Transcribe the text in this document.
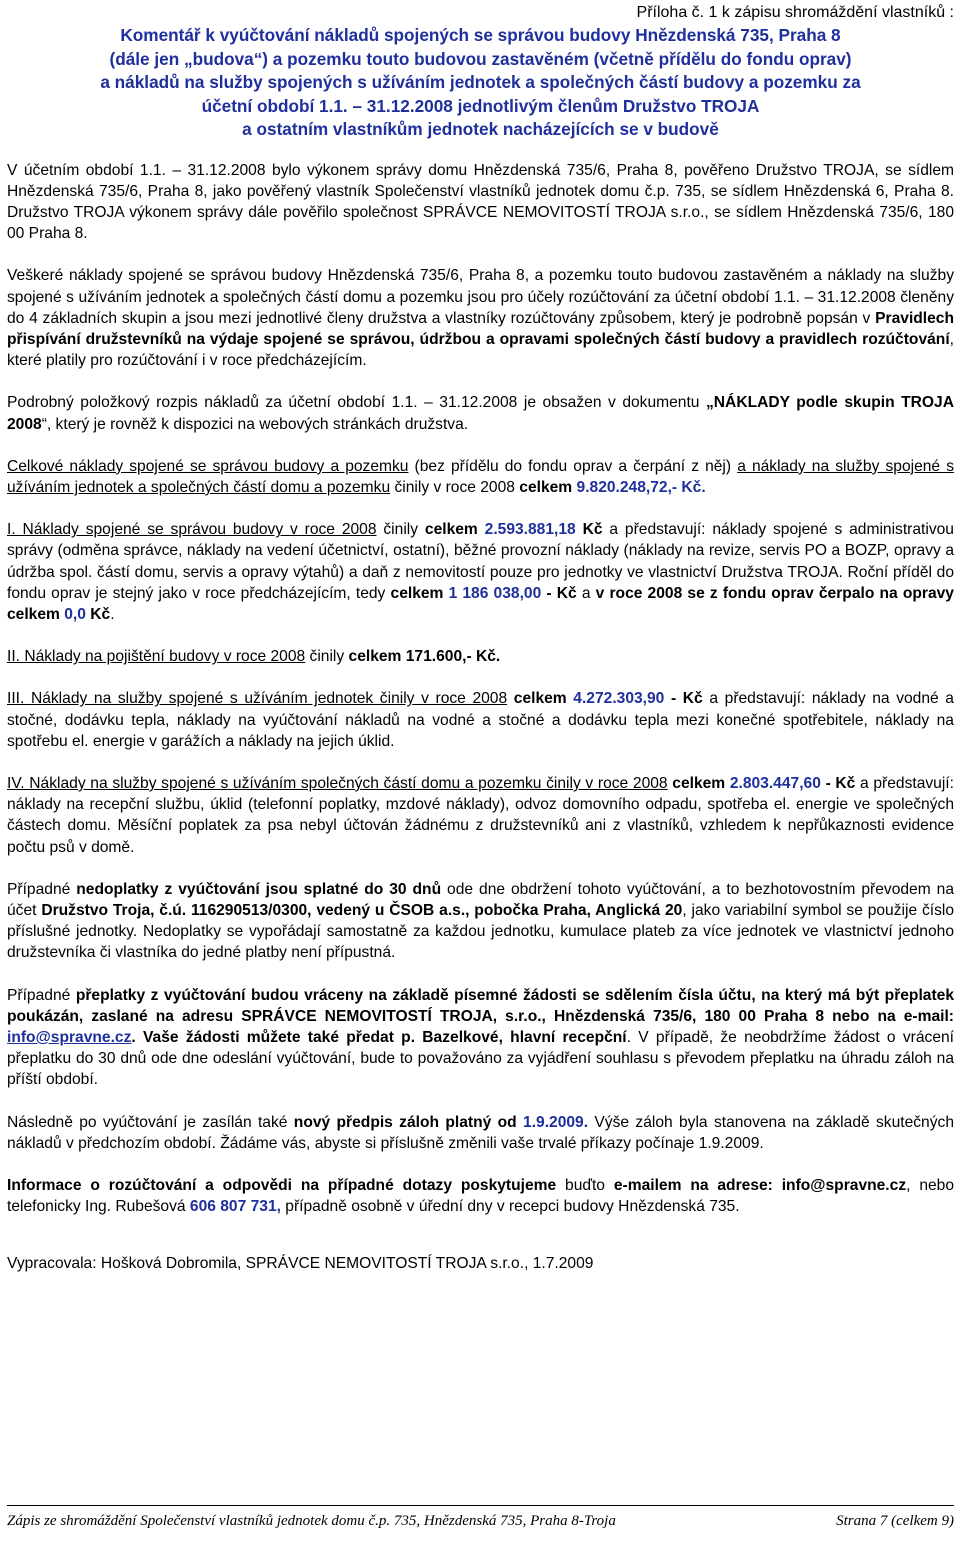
Příloha č. 1 k zápisu shromáždění vlastníků :
Komentář k vyúčtování nákladů spojených se správou budovy Hnězdenská 735, Praha 8
(dále jen „budova“) a pozemku touto budovou zastavěném (včetně přídělu do fondu oprav)
a nákladů na služby spojených s užíváním jednotek a společných částí budovy a pozemku za
účetní období 1.1. – 31.12.2008 jednotlivým členům Družstvo TROJA
a ostatním vlastníkům jednotek nacházejících se v budově

V účetním období 1.1. – 31.12.2008 bylo výkonem správy domu Hnězdenská 735/6, Praha 8, pověřeno Družstvo TROJA, se sídlem Hnězdenská 735/6, Praha 8, jako pověřený vlastník Společenství vlastníků jednotek domu č.p. 735, se sídlem Hnězdenská 6, Praha 8. Družstvo TROJA výkonem správy dále pověřilo společnost SPRÁVCE NEMOVITOSTÍ TROJA s.r.o., se sídlem Hnězdenská 735/6, 180 00 Praha 8.

Veškeré náklady spojené se správou budovy Hnězdenská 735/6, Praha 8, a pozemku touto budovou zastavěném a náklady na služby spojené s užíváním jednotek a společných částí domu a pozemku jsou pro účely rozúčtování za účetní období 1.1. – 31.12.2008 členěny do 4 základních skupin a jsou mezi jednotlivé členy družstva a vlastníky rozúčtovány způsobem, který je podrobně popsán v Pravidlech přispívání družstevníků na výdaje spojené se správou, údržbou a opravami společných částí budovy a pravidlech rozúčtování, které platily pro rozúčtování i v roce předcházejícím.

Podrobný položkový rozpis nákladů za účetní období 1.1. – 31.12.2008 je obsažen v dokumentu „NÁKLADY podle skupin TROJA 2008“, který je rovněž k dispozici na webových stránkách družstva.

Celkové náklady spojené se správou budovy a pozemku (bez přídělu do fondu oprav a čerpání z něj) a náklady na služby spojené s užíváním jednotek a společných částí domu a pozemku činily v roce 2008 celkem 9.820.248,72,- Kč.

I. Náklady spojené se správou budovy v roce 2008 činily celkem 2.593.881,18 Kč a představují: náklady spojené s administrativou správy (odměna správce, náklady na vedení účetnictví, ostatní), běžné provozní náklady (náklady na revize, servis PO a BOZP, opravy a údržba spol. částí domu, servis a opravy výtahů) a daň z nemovitostí pouze pro jednotky ve vlastnictví Družstva TROJA. Roční příděl do fondu oprav je stejný jako v roce předcházejícím, tedy celkem 1 186 038,00 - Kč a v roce 2008 se z fondu oprav čerpalo na opravy celkem 0,0 Kč.

II. Náklady na pojištění budovy v roce 2008 činily celkem 171.600,- Kč.

III. Náklady na služby spojené s užíváním jednotek činily v roce 2008 celkem 4.272.303,90 - Kč a představují: náklady na vodné a stočné, dodávku tepla, náklady na vyúčtování nákladů na vodné a stočné a dodávku tepla mezi konečné spotřebitele, náklady na spotřebu el. energie v garážích a náklady na jejich úklid.

IV. Náklady na služby spojené s užíváním společných částí domu a pozemku činily v roce 2008 celkem 2.803.447,60 - Kč a představují: náklady na recepční službu, úklid (telefonní poplatky, mzdové náklady), odvoz domovního odpadu, spotřeba el. energie ve společných částech domu. Měsíční poplatek za psa nebyl účtován žádnému z družstevníků ani z vlastníků, vzhledem k nepřůkaznosti evidence počtu psů v domě.

Případné nedoplatky z vyúčtování jsou splatné do 30 dnů ode dne obdržení tohoto vyúčtování, a to bezhotovostním převodem na účet Družstvo Troja, č.ú. 116290513/0300, vedený u ČSOB a.s., pobočka Praha, Anglická 20, jako variabilní symbol se použije číslo příslušné jednotky. Nedoplatky se vypořádají samostatně za každou jednotku, kumulace plateb za více jednotek ve vlastnictví jednoho družstevníka či vlastníka do jedné platby není přípustná.

Případné přeplatky z vyúčtování budou vráceny na základě písemné žádosti se sdělením čísla účtu, na který má být přeplatek poukázán, zaslané na adresu SPRÁVCE NEMOVITOSTÍ TROJA, s.r.o., Hnězdenská 735/6, 180 00 Praha 8 nebo na e-mail: info@spravne.cz. Vaše žádosti můžete také předat p. Bazelkové, hlavní recepční. V případě, že neobdržíme žádost o vrácení přeplatku do 30 dnů ode dne odeslání vyúčtování, bude to považováno za vyjádření souhlasu s převodem přeplatku na úhradu záloh na příští období.

Následně po vyúčtování je zasílán také nový předpis záloh platný od 1.9.2009. Výše záloh byla stanovena na základě skutečných nákladů v předchozím období. Žádáme vás, abyste si příslušně změnili vaše trvalé příkazy počínaje 1.9.2009.

Informace o rozúčtování a odpovědi na případné dotazy poskytujeme buďto e-mailem na adrese: info@spravne.cz, nebo telefonicky Ing. Rubešová 606 807 731, případně osobně v úřední dny v recepci budovy Hnězdenská 735.

Vypracovala: Hošková Dobromila, SPRÁVCE NEMOVITOSTÍ TROJA s.r.o., 1.7.2009

Zápis ze shromáždění Společenství vlastníků jednotek domu č.p. 735, Hnězdenská 735, Praha 8-Troja	Strana 7 (celkem 9)
